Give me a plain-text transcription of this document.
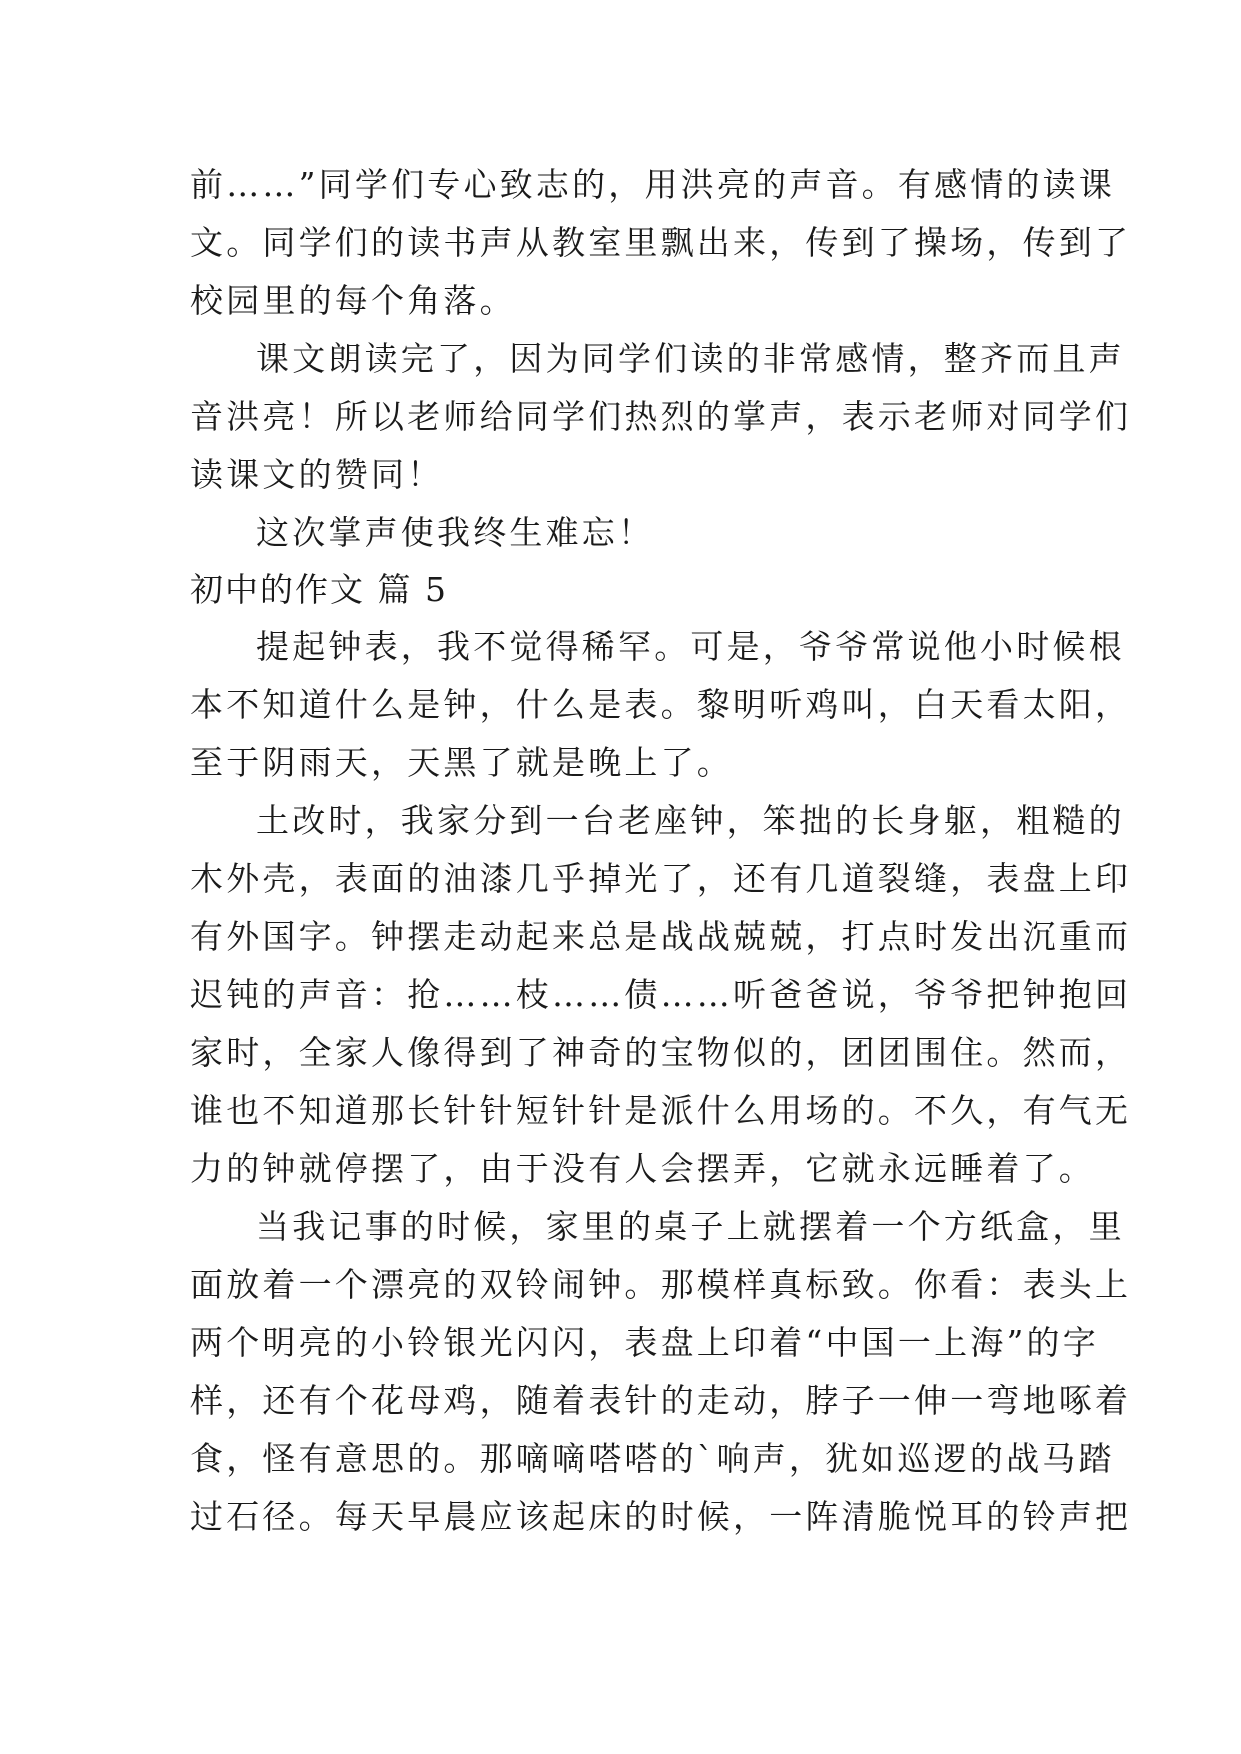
前……”同学们专心致志的，用洪亮的声音。有感情的读课
文。同学们的读书声从教室里飘出来，传到了操场，传到了
校园里的每个角落。
课文朗读完了，因为同学们读的非常感情，整齐而且声
音洪亮！所以老师给同学们热烈的掌声，表示老师对同学们
读课文的赞同！
这次掌声使我终生难忘！
初中的作文 篇 5
提起钟表，我不觉得稀罕。可是，爷爷常说他小时候根
本不知道什么是钟，什么是表。黎明听鸡叫，白天看太阳，
至于阴雨天，天黑了就是晚上了。
土改时，我家分到一台老座钟，笨拙的长身躯，粗糙的
木外壳，表面的油漆几乎掉光了，还有几道裂缝，表盘上印
有外国字。钟摆走动起来总是战战兢兢，打点时发出沉重而
迟钝的声音：抢……枝……债……听爸爸说，爷爷把钟抱回
家时，全家人像得到了神奇的宝物似的，团团围住。然而，
谁也不知道那长针针短针针是派什么用场的。不久，有气无
力的钟就停摆了，由于没有人会摆弄，它就永远睡着了。
当我记事的时候，家里的桌子上就摆着一个方纸盒，里
面放着一个漂亮的双铃闹钟。那模样真标致。你看：表头上
两个明亮的小铃银光闪闪，表盘上印着“中国一上海”的字
样，还有个花母鸡，随着表针的走动，脖子一伸一弯地啄着
食，怪有意思的。那嘀嘀嗒嗒的`响声，犹如巡逻的战马踏
过石径。每天早晨应该起床的时候，一阵清脆悦耳的铃声把
